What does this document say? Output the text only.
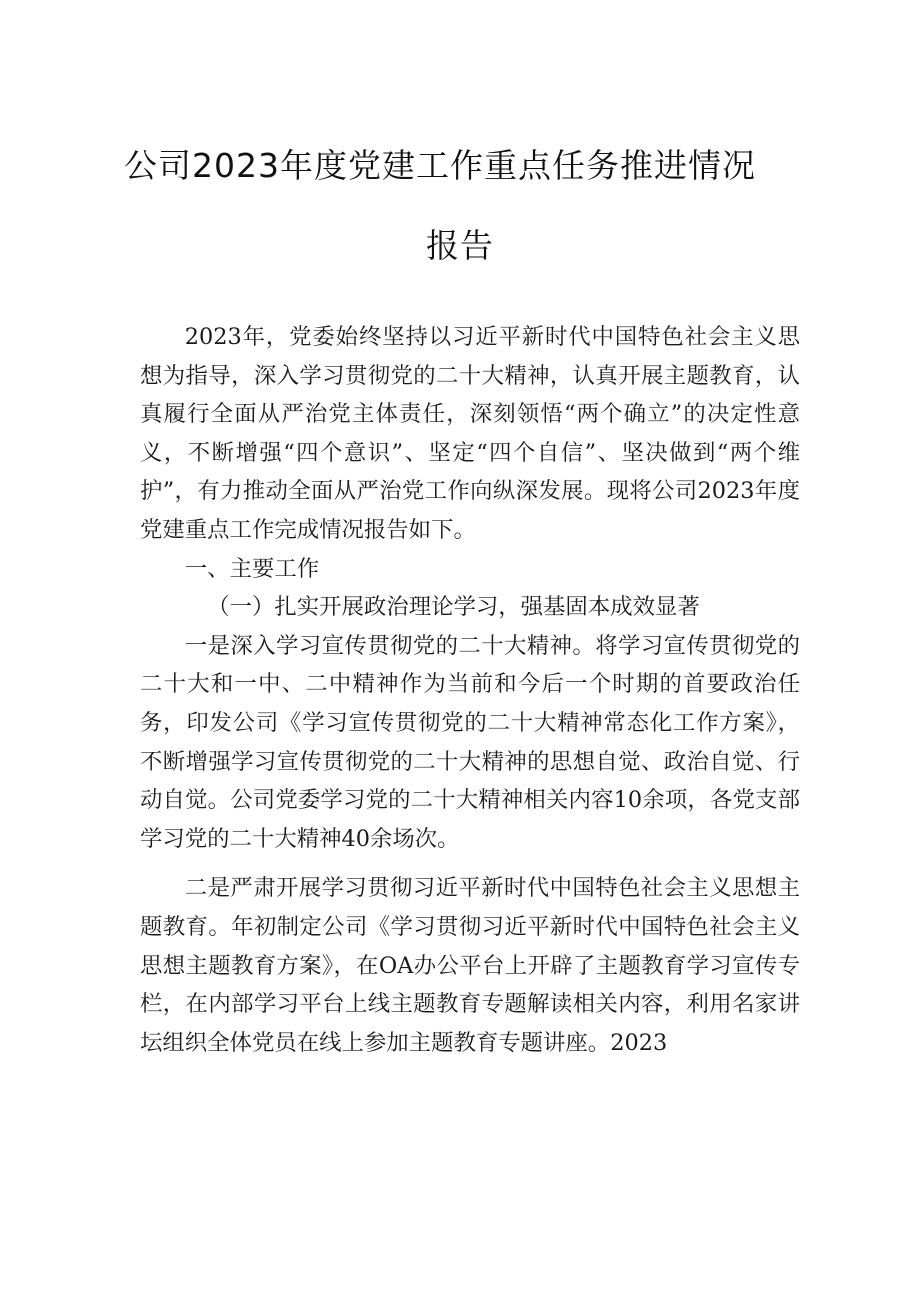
公司2023年度党建工作重点任务推进情况
报告

2023年，党委始终坚持以习近平新时代中国特色社会主义思想为指导，深入学习贯彻党的二十大精神，认真开展主题教育，认真履行全面从严治党主体责任，深刻领悟“两个确立”的决定性意义，不断增强“四个意识”、坚定“四个自信”、坚决做到“两个维护”，有力推动全面从严治党工作向纵深发展。现将公司2023年度党建重点工作完成情况报告如下。

一、主要工作

（一）扎实开展政治理论学习，强基固本成效显著

一是深入学习宣传贯彻党的二十大精神。将学习宣传贯彻党的二十大和一中、二中精神作为当前和今后一个时期的首要政治任务，印发公司《学习宣传贯彻党的二十大精神常态化工作方案》，不断增强学习宣传贯彻党的二十大精神的思想自觉、政治自觉、行动自觉。公司党委学习党的二十大精神相关内容10余项，各党支部学习党的二十大精神40余场次。

二是严肃开展学习贯彻习近平新时代中国特色社会主义思想主题教育。年初制定公司《学习贯彻习近平新时代中国特色社会主义思想主题教育方案》，在OA办公平台上开辟了主题教育学习宣传专栏，在内部学习平台上线主题教育专题解读相关内容，利用名家讲坛组织全体党员在线上参加主题教育专题讲座。2023
